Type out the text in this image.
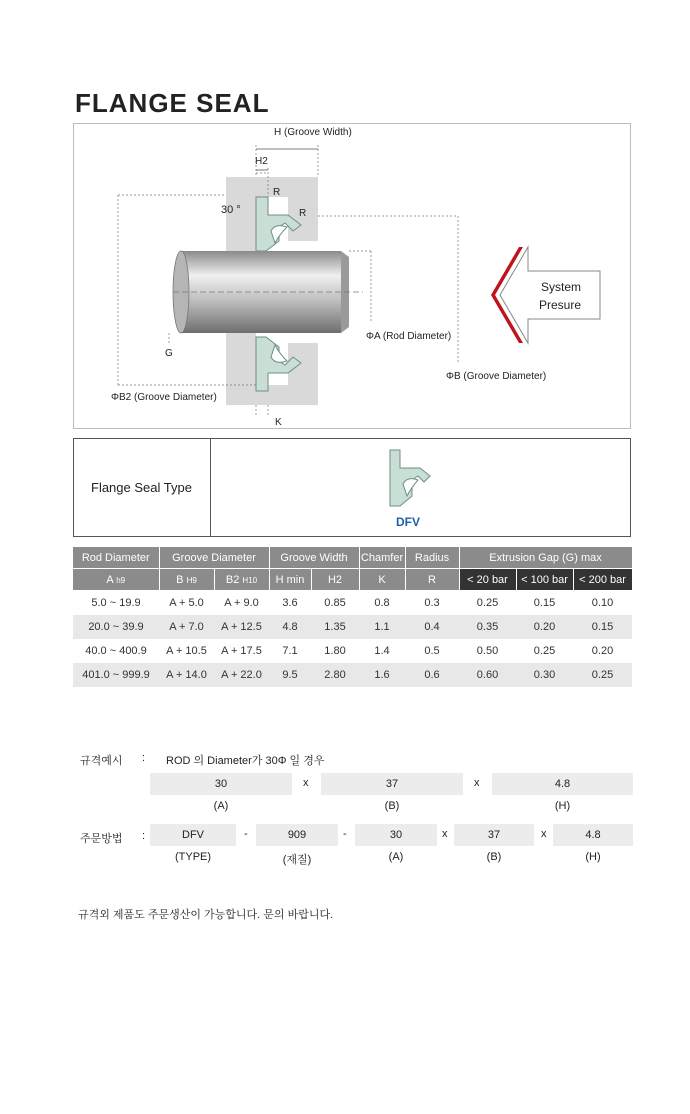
FLANGE SEAL
H (Groove Width)
H2
R
R
30 °
ΦA (Rod Diameter)
ΦB (Groove Diameter)
ΦB2 (Groove Diameter)
G
K
System
Presure
Flange Seal Type
DFV
Rod Diameter	Groove Diameter		Groove Width		Chamfer	Radius	Extrusion Gap (G) max		
A h9	B H9	B2 H10	H min	H2	K	R	< 20 bar	< 100 bar	< 200 bar
5.0 ~ 19.9	A + 5.0	A + 9.0	3.6	0.85	0.8	0.3	0.25	0.15	0.10
20.0 ~ 39.9	A + 7.0	A + 12.5	4.8	1.35	1.1	0.4	0.35	0.20	0.15
40.0 ~ 400.9	A + 10.5	A + 17.5	7.1	1.80	1.4	0.5	0.50	0.25	0.20
401.0 ~ 999.9	A + 14.0	A + 22.0	9.5	2.80	1.6	0.6	0.60	0.30	0.25
규격예시 : ROD 의 Diameter가 30Φ 일 경우
30	x	37	x	4.8
(A)	(B)	(H)
주문방법 :	DFV	-	909	-	30	x	37	x	4.8
(TYPE)	(재질)	(A)	(B)	(H)
규격외 제품도 주문생산이 가능합니다. 문의 바랍니다.
